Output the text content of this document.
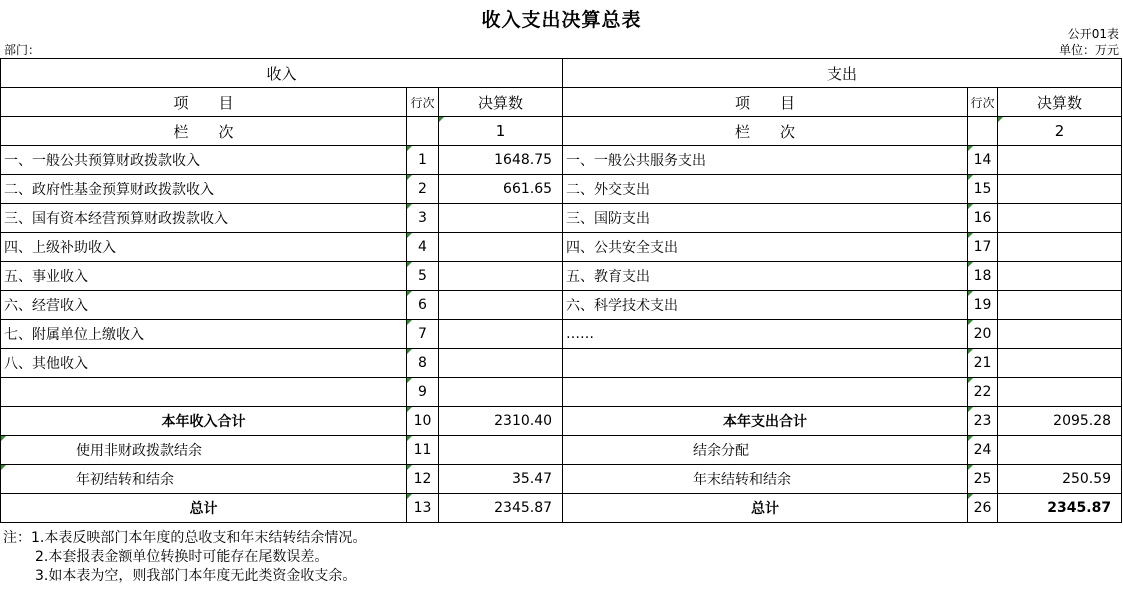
收入支出决算总表
公开01表
部门：	单位：万元
收入			支出		
项　　目	行次	决算数	项　　目	行次	决算数
栏　　次		1	栏　　次		2
一、一般公共预算财政拨款收入	1	1648.75	一、一般公共服务支出	14	
二、政府性基金预算财政拨款收入	2	661.65	二、外交支出	15	
三、国有资本经营预算财政拨款收入	3		三、国防支出	16	
四、上级补助收入	4		四、公共安全支出	17	
五、事业收入	5		五、教育支出	18	
六、经营收入	6		六、科学技术支出	19	
七、附属单位上缴收入	7		……	20	
八、其他收入	8			21	
	9			22	
本年收入合计	10	2310.40	本年支出合计	23	2095.28
使用非财政拨款结余	11		结余分配	24	
年初结转和结余	12	35.47	年末结转和结余	25	250.59
总计	13	2345.87	总计	26	2345.87
注：1.本表反映部门本年度的总收支和年末结转结余情况。
2.本套报表金额单位转换时可能存在尾数误差。
3.如本表为空，则我部门本年度无此类资金收支余。
